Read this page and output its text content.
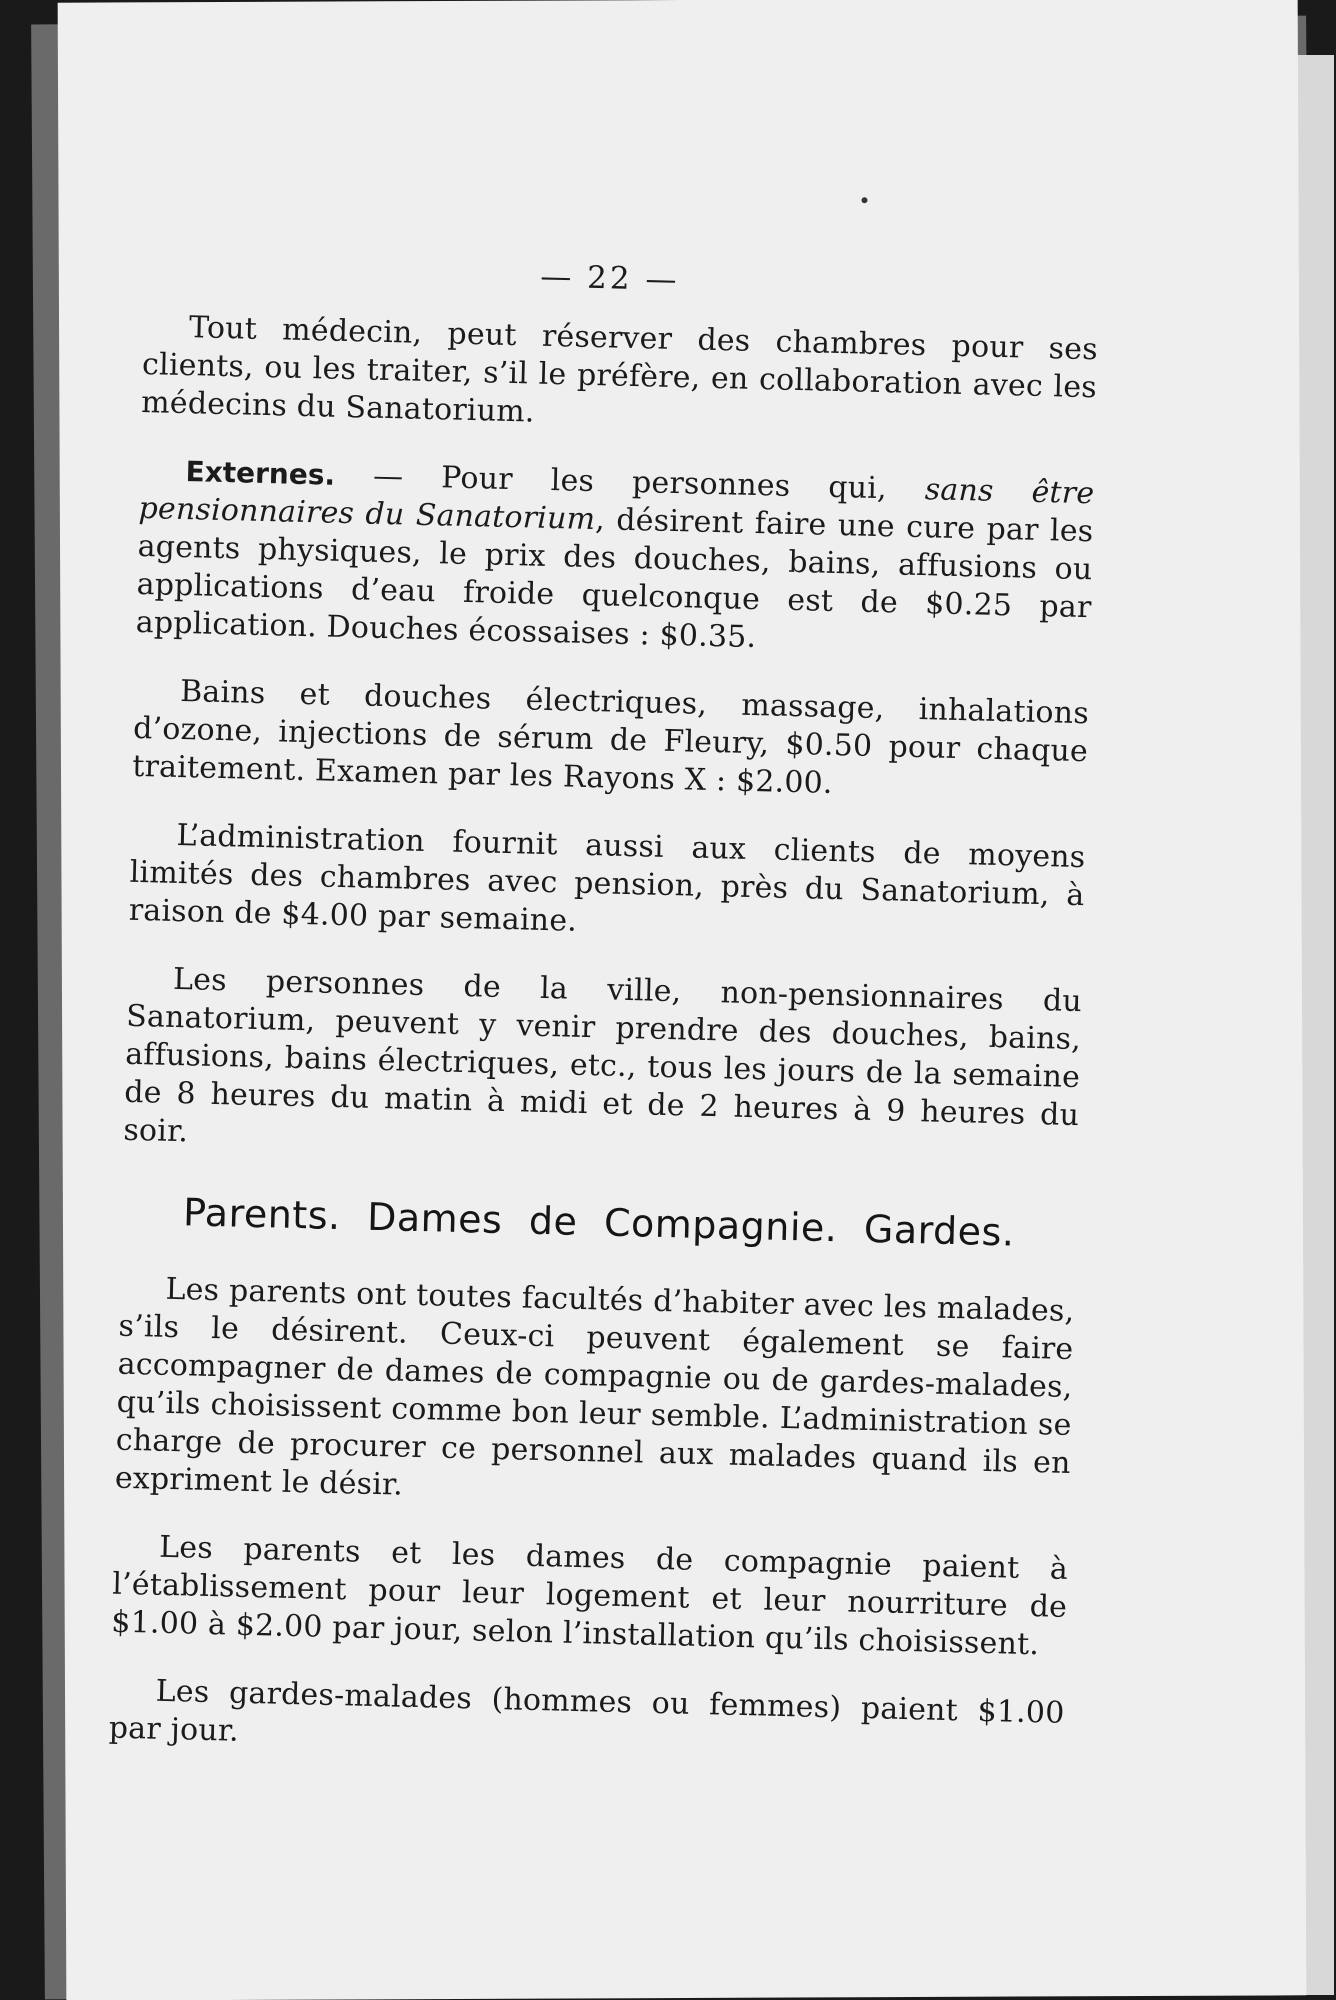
— 22 —

Tout médecin, peut réserver des chambres pour ses clients, ou les traiter, s’il le préfère, en collaboration avec les médecins du Sanatorium.

Externes. — Pour les personnes qui, sans être pensionnaires du Sanatorium, désirent faire une cure par les agents physiques, le prix des douches, bains, affusions ou applications d’eau froide quelconque est de $0.25 par application. Douches écossaises : $0.35.

Bains et douches électriques, massage, inhalations d’ozone, injections de sérum de Fleury, $0.50 pour chaque traitement. Examen par les Rayons X : $2.00.

L’administration fournit aussi aux clients de moyens limités des chambres avec pension, près du Sanatorium, à raison de $4.00 par semaine.

Les personnes de la ville, non-pensionnaires du Sanatorium, peuvent y venir prendre des douches, bains, affusions, bains électriques, etc., tous les jours de la semaine de 8 heures du matin à midi et de 2 heures à 9 heures du soir.

Parents. Dames de Compagnie. Gardes.

Les parents ont toutes facultés d’habiter avec les malades, s’ils le désirent. Ceux-ci peuvent également se faire accompagner de dames de compagnie ou de gardes-malades, qu’ils choisissent comme bon leur semble. L’administration se charge de procurer ce personnel aux malades quand ils en expriment le désir.

Les parents et les dames de compagnie paient à l’établissement pour leur logement et leur nourriture de $1.00 à $2.00 par jour, selon l’installation qu’ils choisissent.

Les gardes-malades (hommes ou femmes) paient $1.00 par jour.
